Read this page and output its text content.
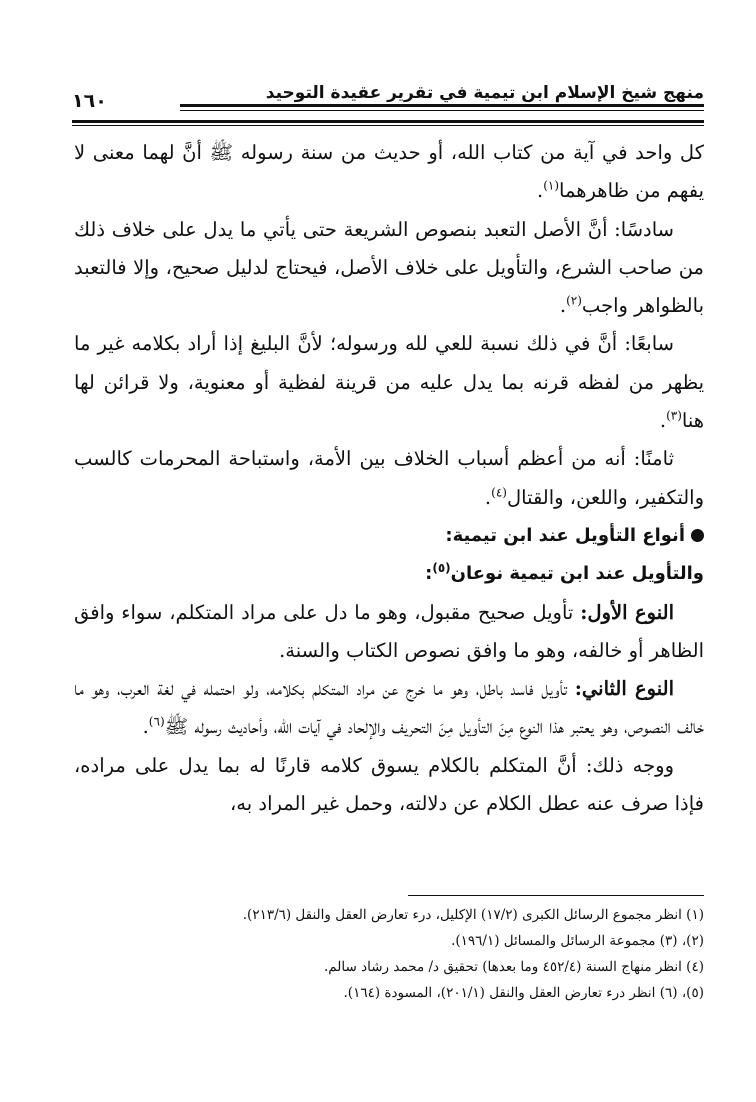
منهج شيخ الإسلام ابن تيمية في تقرير عقيدة التوحيد
١٦٠

كل واحد في آية من كتاب الله، أو حديث من سنة رسوله ﷺ أنَّ لهما معنى لا يفهم من ظاهرهما$^{(١)}$.

سادسًا: أنَّ الأصل التعبد بنصوص الشريعة حتى يأتي ما يدل على خلاف ذلك من صاحب الشرع، والتأويل على خلاف الأصل، فيحتاج لدليل صحيح، وإلا فالتعبد بالظواهر واجب$^{(٢)}$.

سابعًا: أنَّ في ذلك نسبة للعي لله ورسوله؛ لأنَّ البليغ إذا أراد بكلامه غير ما يظهر من لفظه قرنه بما يدل عليه من قرينة لفظية أو معنوية، ولا قرائن لها هنا$^{(٣)}$.

ثامنًا: أنه من أعظم أسباب الخلاف بين الأمة، واستباحة المحرمات كالسب والتكفير، واللعن، والقتال$^{(٤)}$.

أنواع التأويل عند ابن تيمية:

والتأويل عند ابن تيمية نوعان$^{(٥)}$:

النوع الأول: تأويل صحيح مقبول، وهو ما دل على مراد المتكلم، سواء وافق الظاهر أو خالفه، وهو ما وافق نصوص الكتاب والسنة.

النوع الثاني: تأويل فاسد باطل، وهو ما خرج عن مراد المتكلم بكلامه، ولو احتمله في لغة العرب، وهو ما خالف النصوص، وهو يعتبر هذا النوع مِنَ التأويل مِنَ التحريف والإلحاد في آيات الله، وأحاديث رسوله ﷺ$^{(٦)}$.

ووجه ذلك: أنَّ المتكلم بالكلام يسوق كلامه قارنًا له بما يدل على مراده، فإذا صرف عنه عطل الكلام عن دلالته، وحمل غير المراد به،

(١) انظر مجموع الرسائل الكبرى (١٧/٢) الإكليل، درء تعارض العقل والنقل (٢١٣/٦).
(٢)، (٣) مجموعة الرسائل والمسائل (١٩٦/١).
(٤) انظر منهاج السنة (٤٥٢/٤ وما بعدها) تحقيق د/ محمد رشاد سالم.
(٥)، (٦) انظر درء تعارض العقل والنقل (٢٠١/١)، المسودة (١٦٤).
